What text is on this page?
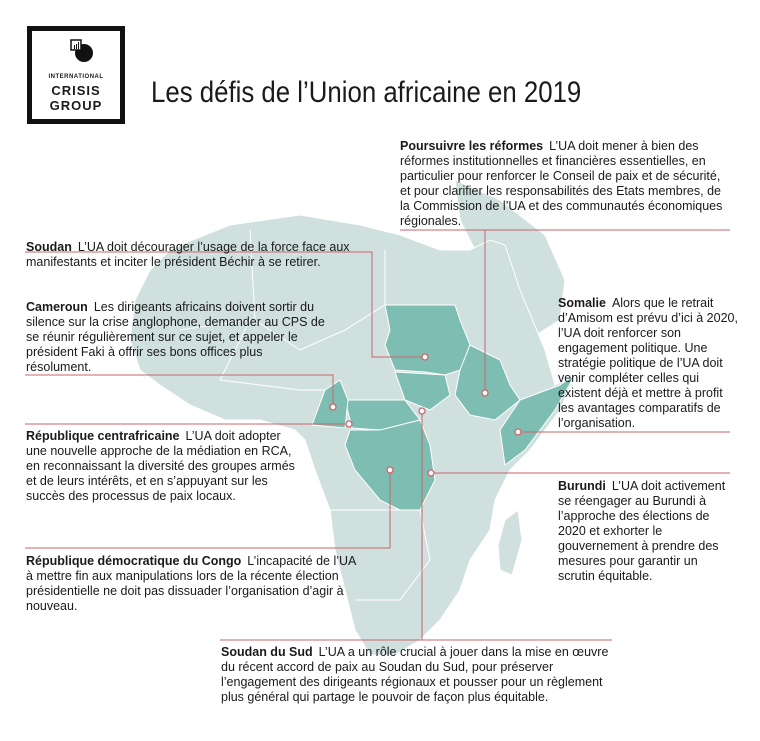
INTERNATIONAL
CRISIS
GROUP	Les défis de l’Union africaine en 2019
Poursuivre les réformes L’UA doit mener à bien des réformes institutionnelles et financières essentielles, en particulier pour renforcer le Conseil de paix et de sécurité, et pour clarifier les responsabilités des Etats membres, de la Commission de l’UA et des communautés économiques régionales.
Soudan L’UA doit décourager l’usage de la force face aux manifestants et inciter le président Béchir à se retirer.
Cameroun Les dirigeants africains doivent sortir du silence sur la crise anglophone, demander au CPS de se réunir régulièrement sur ce sujet, et appeler le président Faki à offrir ses bons offices plus résolument.
Somalie Alors que le retrait d’Amisom est prévu d’ici à 2020, l’UA doit renforcer son engagement politique. Une stratégie politique de l’UA doit venir compléter celles qui existent déjà et mettre à profit les avantages comparatifs de l’organisation.
République centrafricaine L’UA doit adopter une nouvelle approche de la médiation en RCA, en reconnaissant la diversité des groupes armés et de leurs intérêts, et en s’appuyant sur les succès des processus de paix locaux.
Burundi L’UA doit activement se réengager au Burundi à l’approche des élections de 2020 et exhorter le gouvernement à prendre des mesures pour garantir un scrutin équitable.
République démocratique du Congo L’incapacité de l’UA à mettre fin aux manipulations lors de la récente élection présidentielle ne doit pas dissuader l’organisation d’agir à nouveau.
Soudan du Sud L’UA a un rôle crucial à jouer dans la mise en œuvre du récent accord de paix au Soudan du Sud, pour préserver l’engagement des dirigeants régionaux et pousser pour un règlement plus général qui partage le pouvoir de façon plus équitable.
